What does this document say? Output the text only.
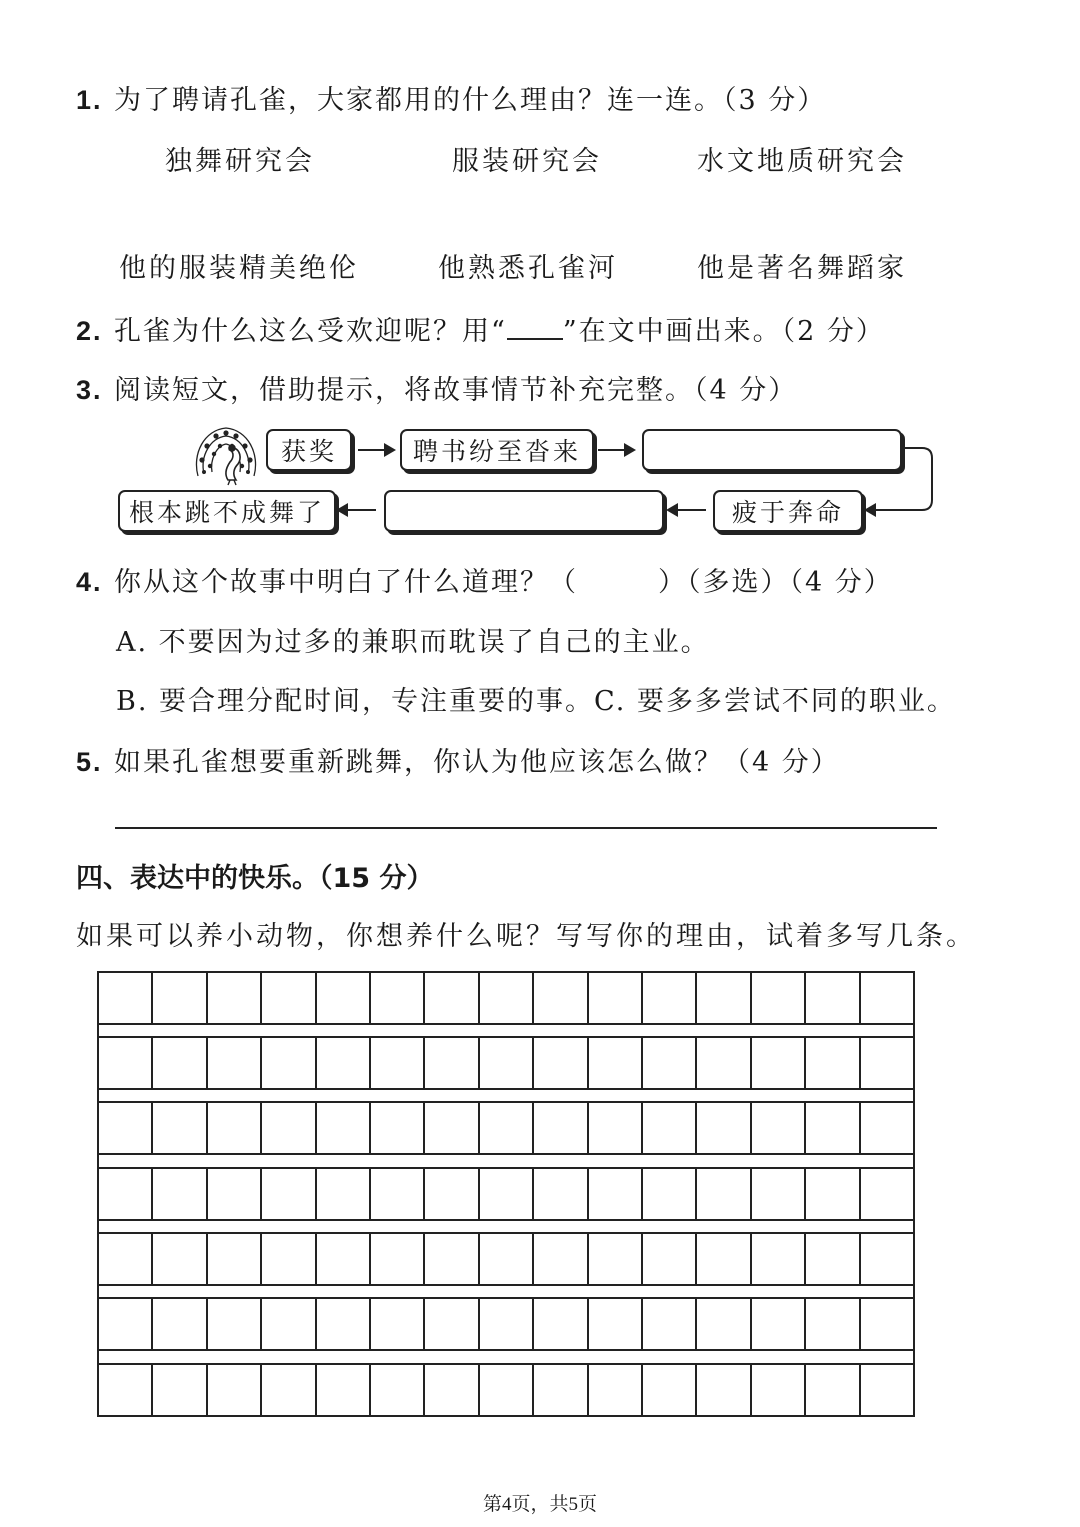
1. 为了聘请孔雀，大家都用的什么理由？连一连。（3 分）
独舞研究会	服装研究会	水文地质研究会
他的服装精美绝伦	他熟悉孔雀河	他是著名舞蹈家
2. 孔雀为什么这么受欢迎呢？用“ ”在文中画出来。（2 分）
3. 阅读短文，借助提示，将故事情节补充完整。（4 分）
获奖	聘书纷至沓来
疲于奔命
根本跳不成舞了
4. 你从这个故事中明白了什么道理？（	）（多选）（4 分）
A. 不要因为过多的兼职而耽误了自己的主业。
B. 要合理分配时间，专注重要的事。 C. 要多多尝试不同的职业。
5. 如果孔雀想要重新跳舞，你认为他应该怎么做？（4 分）
四、表达中的快乐。（15 分）
如果可以养小动物，你想养什么呢？写写你的理由，试着多写几条。
第4页，共5页
